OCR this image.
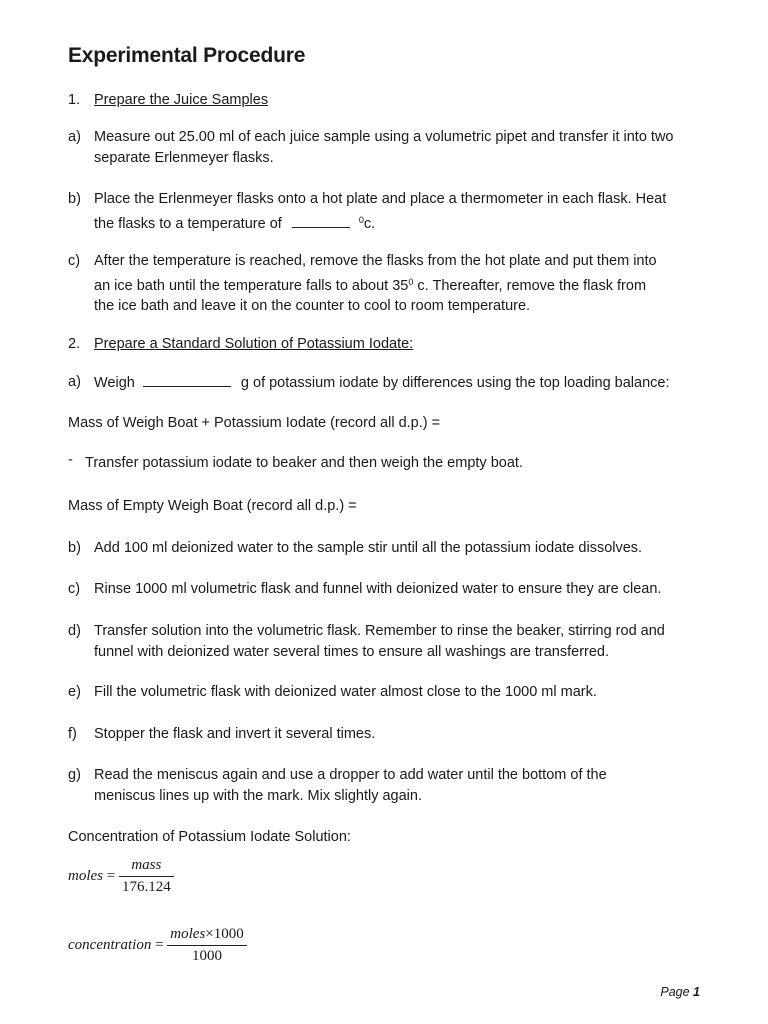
Experimental Procedure
1. Prepare the Juice Samples
a) Measure out 25.00 ml of each juice sample using a volumetric pipet and transfer it into two separate Erlenmeyer flasks.
b) Place the Erlenmeyer flasks onto a hot plate and place a thermometer in each flask. Heat
the flasks to a temperature of	$^0$c.
c) After the temperature is reached, remove the flasks from the hot plate and put them into
an ice bath until the temperature falls to about $35^0$ c. Thereafter, remove the flask from
the ice bath and leave it on the counter to cool to room temperature.
2. Prepare a Standard Solution of Potassium Iodate:
a) Weigh	g of potassium iodate by differences using the top loading balance:
Mass of Weigh Boat + Potassium Iodate (record all d.p.) =
- Transfer potassium iodate to beaker and then weigh the empty boat.
Mass of Empty Weigh Boat (record all d.p.) =
b) Add 100 ml deionized water to the sample stir until all the potassium iodate dissolves.
c) Rinse 1000 ml volumetric flask and funnel with deionized water to ensure they are clean.
d) Transfer solution into the volumetric flask. Remember to rinse the beaker, stirring rod and
funnel with deionized water several times to ensure all washings are transferred.
e) Fill the volumetric flask with deionized water almost close to the 1000 ml mark.
f) Stopper the flask and invert it several times.
g) Read the meniscus again and use a dropper to add water until the bottom of the
meniscus lines up with the mark. Mix slightly again.
Concentration of Potassium Iodate Solution:
moles = $\frac{\text{mass}}{176.124}$
concentration = $\frac{\text{moles×1000}}{1000}$
Page 1
